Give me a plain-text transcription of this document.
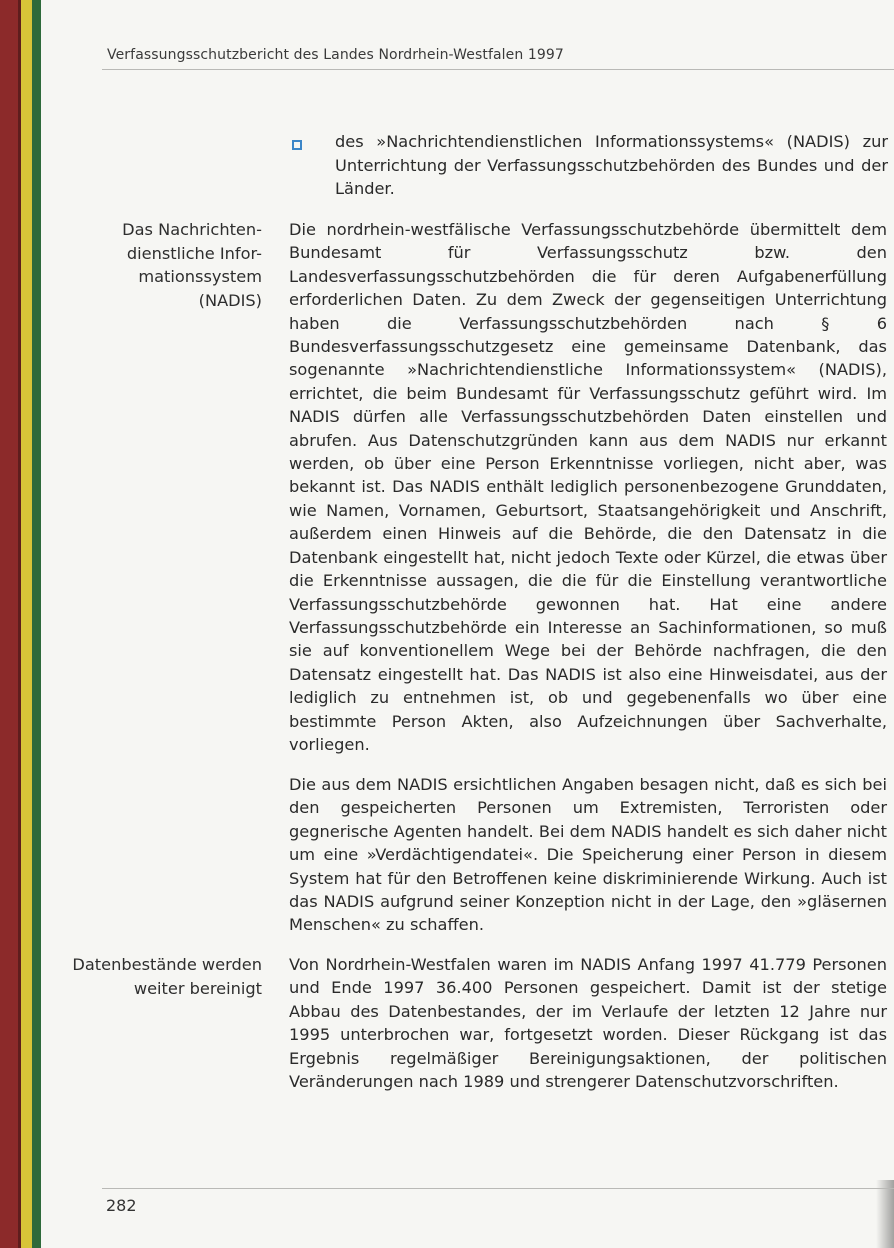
Verfassungsschutzbericht des Landes Nordrhein-Westfalen 1997
des »Nachrichtendienstlichen Informationssystems« (NADIS) zur Unterrichtung der Verfassungsschutzbehörden des Bundes und der Länder.
Das Nachrichten-dienstliche Infor-mationssystem (NADIS)
Datenbestände werden weiter bereinigt

Die nordrhein-westfälische Verfassungsschutzbehörde übermittelt dem Bundesamt für Verfassungsschutz bzw. den Landesverfassungsschutzbehörden die für deren Aufgabenerfüllung erforderlichen Daten. Zu dem Zweck der gegenseitigen Unterrichtung haben die Verfassungsschutzbehörden nach § 6 Bundesverfassungsschutzgesetz eine gemeinsame Datenbank, das sogenannte »Nachrichtendienstliche Informationssystem« (NADIS), errichtet, die beim Bundesamt für Verfassungsschutz geführt wird. Im NADIS dürfen alle Verfassungsschutzbehörden Daten einstellen und abrufen. Aus Datenschutzgründen kann aus dem NADIS nur erkannt werden, ob über eine Person Erkenntnisse vorliegen, nicht aber, was bekannt ist. Das NADIS enthält lediglich personenbezogene Grunddaten, wie Namen, Vornamen, Geburtsort, Staatsangehörigkeit und Anschrift, außerdem einen Hinweis auf die Behörde, die den Datensatz in die Datenbank eingestellt hat, nicht jedoch Texte oder Kürzel, die etwas über die Erkenntnisse aussagen, die die für die Einstellung verantwortliche Verfassungsschutzbehörde gewonnen hat. Hat eine andere Verfassungsschutzbehörde ein Interesse an Sachinformationen, so muß sie auf konventionellem Wege bei der Behörde nachfragen, die den Datensatz eingestellt hat. Das NADIS ist also eine Hinweisdatei, aus der lediglich zu entnehmen ist, ob und gegebenenfalls wo über eine bestimmte Person Akten, also Aufzeichnungen über Sachverhalte, vorliegen.

Die aus dem NADIS ersichtlichen Angaben besagen nicht, daß es sich bei den gespeicherten Personen um Extremisten, Terroristen oder gegnerische Agenten handelt. Bei dem NADIS handelt es sich daher nicht um eine »Verdächtigendatei«. Die Speicherung einer Person in diesem System hat für den Betroffenen keine diskriminierende Wirkung. Auch ist das NADIS aufgrund seiner Konzeption nicht in der Lage, den »gläsernen Menschen« zu schaffen.

Von Nordrhein-Westfalen waren im NADIS Anfang 1997 41.779 Personen und Ende 1997 36.400 Personen gespeichert. Damit ist der stetige Abbau des Datenbestandes, der im Verlaufe der letzten 12 Jahre nur 1995 unterbrochen war, fortgesetzt worden. Dieser Rückgang ist das Ergebnis regelmäßiger Bereinigungsaktionen, der politischen Veränderungen nach 1989 und strengerer Datenschutzvorschriften.

282
